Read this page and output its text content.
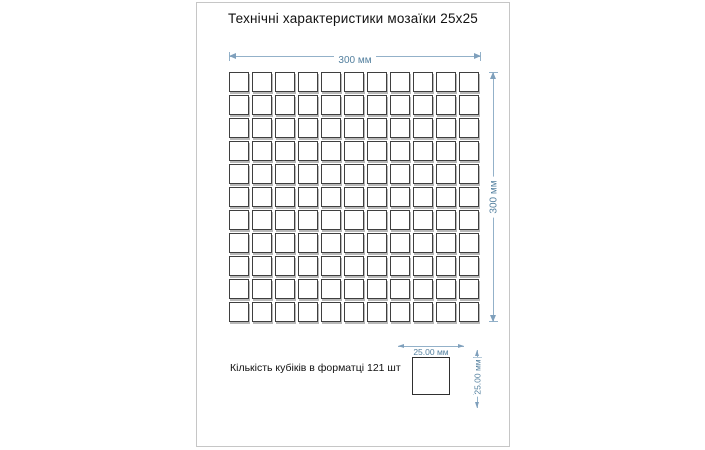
Технічні характеристики мозаїки 25х25
300 мм
300 мм
Кількість кубіків в форматці 121 шт
25.00 мм
25.00 мм
